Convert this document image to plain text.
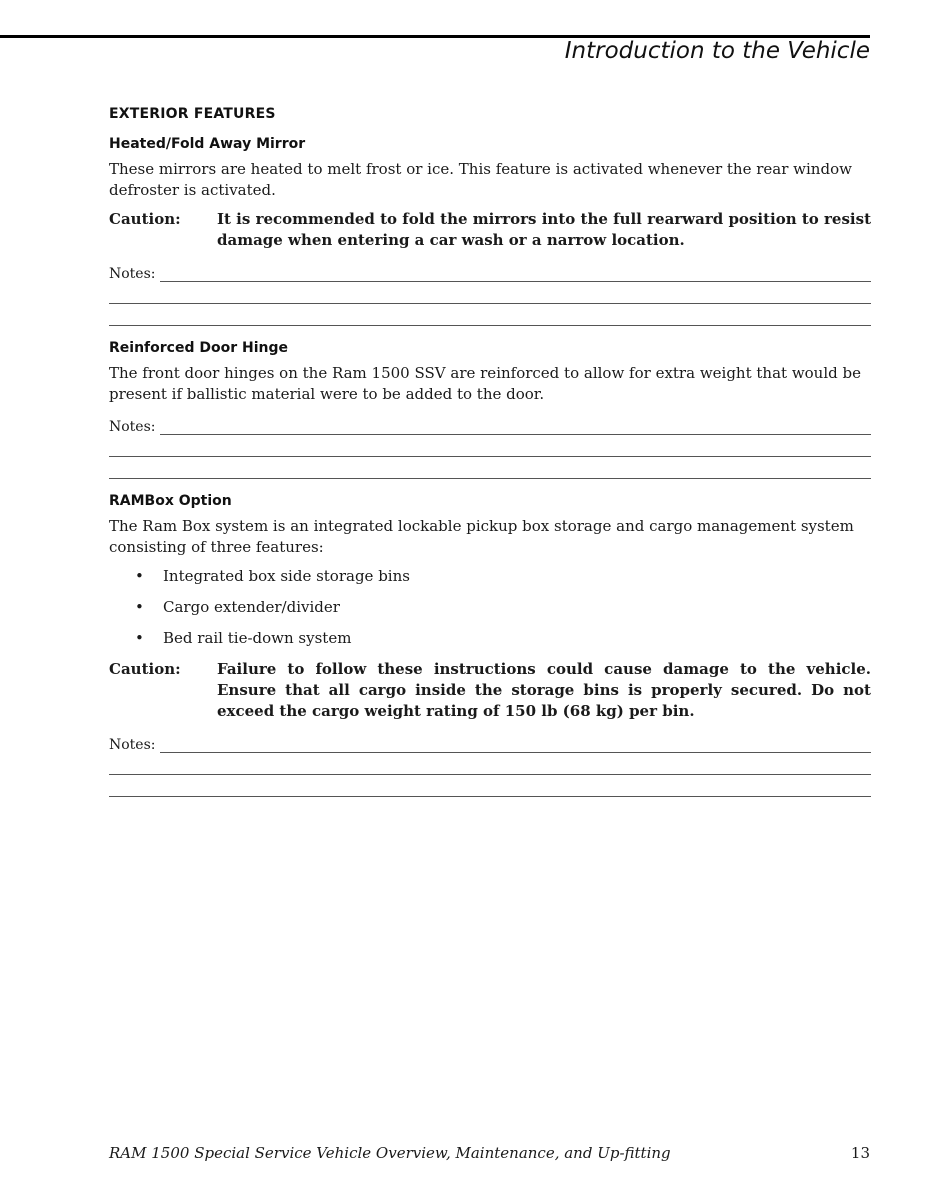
Introduction to the Vehicle
EXTERIOR FEATURES
Heated/Fold Away Mirror

These mirrors are heated to melt frost or ice. This feature is activated whenever the rear window defroster is activated.

Caution:	It is recommended to fold the mirrors into the full rearward position to resist damage when entering a car wash or a narrow location.
Notes:
Reinforced Door Hinge

The front door hinges on the Ram 1500 SSV are reinforced to allow for extra weight that would be present if ballistic material were to be added to the door.

Notes:
RAMBox Option

The Ram Box system is an integrated lockable pickup box storage and cargo management system consisting of three features:

•	Integrated box side storage bins
•	Cargo extender/divider
•	Bed rail tie-down system
Caution:	Failure to follow these instructions could cause damage to the vehicle. Ensure that all cargo inside the storage bins is properly secured. Do not exceed the cargo weight rating of 150 lb (68 kg) per bin.
Notes:
RAM 1500 Special Service Vehicle Overview, Maintenance, and Up-fitting	13
